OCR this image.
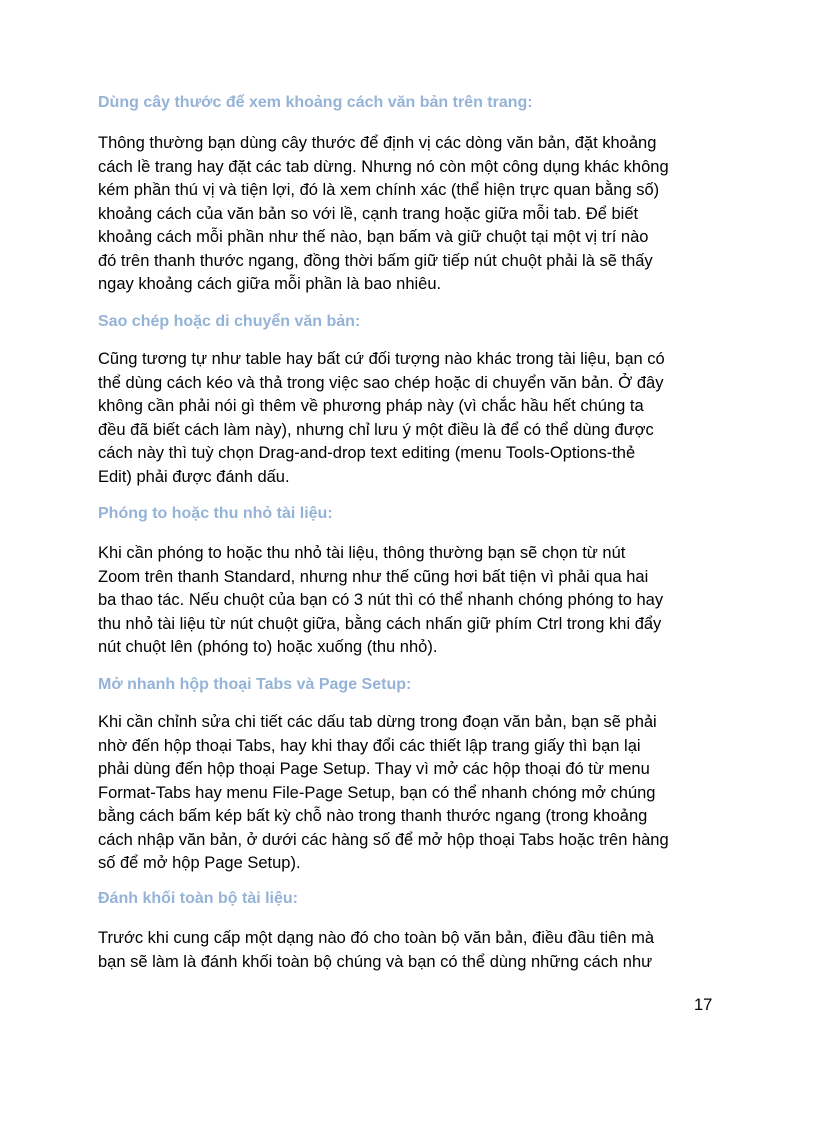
Dùng cây thước để xem khoảng cách văn bản trên trang:
Thông thường bạn dùng cây thước để định vị các dòng văn bản, đặt khoảng
cách lề trang hay đặt các tab dừng. Nhưng nó còn một công dụng khác không
kém phần thú vị và tiện lợi, đó là xem chính xác (thể hiện trực quan bằng số)
khoảng cách của văn bản so với lề, cạnh trang hoặc giữa mỗi tab. Để biết
khoảng cách mỗi phần như thế nào, bạn bấm và giữ chuột tại một vị trí nào
đó trên thanh thước ngang, đồng thời bấm giữ tiếp nút chuột phải là sẽ thấy
ngay khoảng cách giữa mỗi phần là bao nhiêu.
Sao chép hoặc di chuyển văn bản:
Cũng tương tự như table hay bất cứ đối tượng nào khác trong tài liệu, bạn có
thể dùng cách kéo và thả trong việc sao chép hoặc di chuyển văn bản. Ở đây
không cần phải nói gì thêm về phương pháp này (vì chắc hầu hết chúng ta
đều đã biết cách làm này), nhưng chỉ lưu ý một điều là để có thể dùng được
cách này thì tuỳ chọn Drag-and-drop text editing (menu Tools-Options-thẻ
Edit) phải được đánh dấu.
Phóng to hoặc thu nhỏ tài liệu:
Khi cần phóng to hoặc thu nhỏ tài liệu, thông thường bạn sẽ chọn từ nút
Zoom trên thanh Standard, nhưng như thế cũng hơi bất tiện vì phải qua hai
ba thao tác. Nếu chuột của bạn có 3 nút thì có thể nhanh chóng phóng to hay
thu nhỏ tài liệu từ nút chuột giữa, bằng cách nhấn giữ phím Ctrl trong khi đẩy
nút chuột lên (phóng to) hoặc xuống (thu nhỏ).
Mở nhanh hộp thoại Tabs và Page Setup:
Khi cần chỉnh sửa chi tiết các dấu tab dừng trong đoạn văn bản, bạn sẽ phải
nhờ đến hộp thoại Tabs, hay khi thay đổi các thiết lập trang giấy thì bạn lại
phải dùng đến hộp thoại Page Setup. Thay vì mở các hộp thoại đó từ menu
Format-Tabs hay menu File-Page Setup, bạn có thể nhanh chóng mở chúng
bằng cách bấm kép bất kỳ chỗ nào trong thanh thước ngang (trong khoảng
cách nhập văn bản, ở dưới các hàng số để mở hộp thoại Tabs hoặc trên hàng
số để mở hộp Page Setup).
Đánh khối toàn bộ tài liệu:
Trước khi cung cấp một dạng nào đó cho toàn bộ văn bản, điều đầu tiên mà
bạn sẽ làm là đánh khối toàn bộ chúng và bạn có thể dùng những cách như
17
